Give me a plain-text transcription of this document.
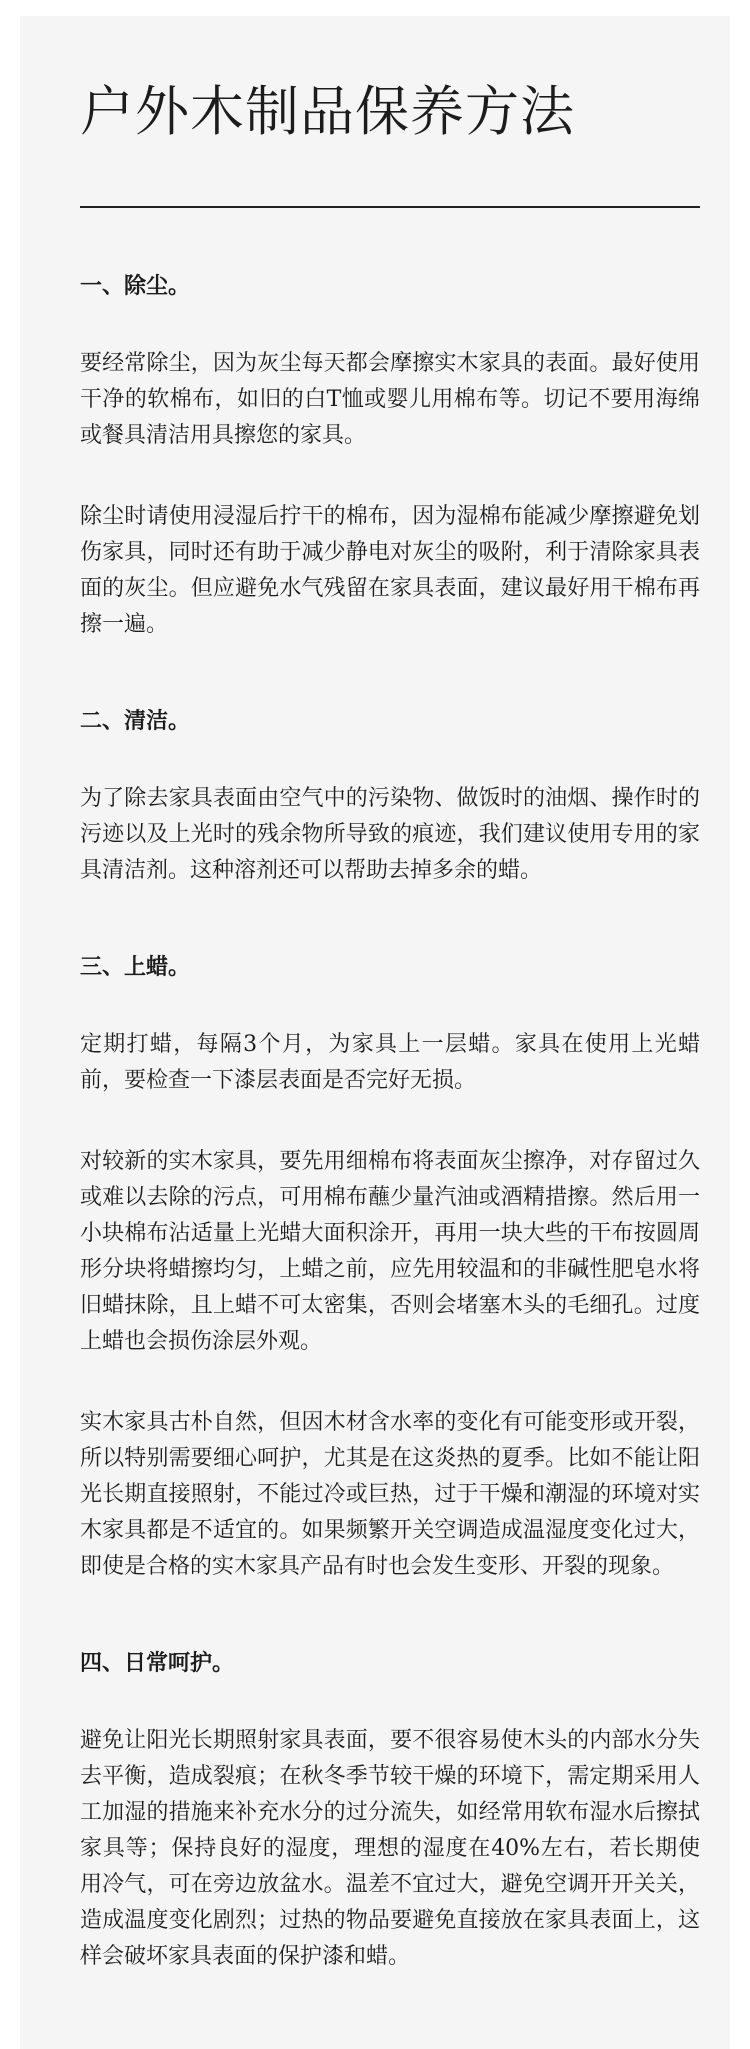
户外木制品保养方法
一、除尘。

要经常除尘，因为灰尘每天都会摩擦实木家具的表面。最好使用干净的软棉布，如旧的白T恤或婴儿用棉布等。切记不要用海绵或餐具清洁用具擦您的家具。

除尘时请使用浸湿后拧干的棉布，因为湿棉布能减少摩擦避免划伤家具，同时还有助于减少静电对灰尘的吸附，利于清除家具表面的灰尘。但应避免水气残留在家具表面，建议最好用干棉布再擦一遍。

二、清洁。

为了除去家具表面由空气中的污染物、做饭时的油烟、操作时的污迹以及上光时的残余物所导致的痕迹，我们建议使用专用的家具清洁剂。这种溶剂还可以帮助去掉多余的蜡。

三、上蜡。

定期打蜡，每隔3个月，为家具上一层蜡。家具在使用上光蜡前，要检查一下漆层表面是否完好无损。

对较新的实木家具，要先用细棉布将表面灰尘擦净，对存留过久或难以去除的污点，可用棉布蘸少量汽油或酒精措擦。然后用一小块棉布沾适量上光蜡大面积涂开，再用一块大些的干布按圆周形分块将蜡擦均匀，上蜡之前，应先用较温和的非碱性肥皂水将旧蜡抹除，且上蜡不可太密集，否则会堵塞木头的毛细孔。过度上蜡也会损伤涂层外观。

实木家具古朴自然，但因木材含水率的变化有可能变形或开裂，所以特别需要细心呵护，尤其是在这炎热的夏季。比如不能让阳光长期直接照射，不能过冷或巨热，过于干燥和潮湿的环境对实木家具都是不适宜的。如果频繁开关空调造成温湿度变化过大，即使是合格的实木家具产品有时也会发生变形、开裂的现象。

四、日常呵护。

避免让阳光长期照射家具表面，要不很容易使木头的内部水分失去平衡，造成裂痕；在秋冬季节较干燥的环境下，需定期采用人工加湿的措施来补充水分的过分流失，如经常用软布湿水后擦拭家具等；保持良好的湿度，理想的湿度在40%左右，若长期使用冷气，可在旁边放盆水。温差不宜过大，避免空调开开关关，造成温度变化剧烈；过热的物品要避免直接放在家具表面上，这样会破坏家具表面的保护漆和蜡。
